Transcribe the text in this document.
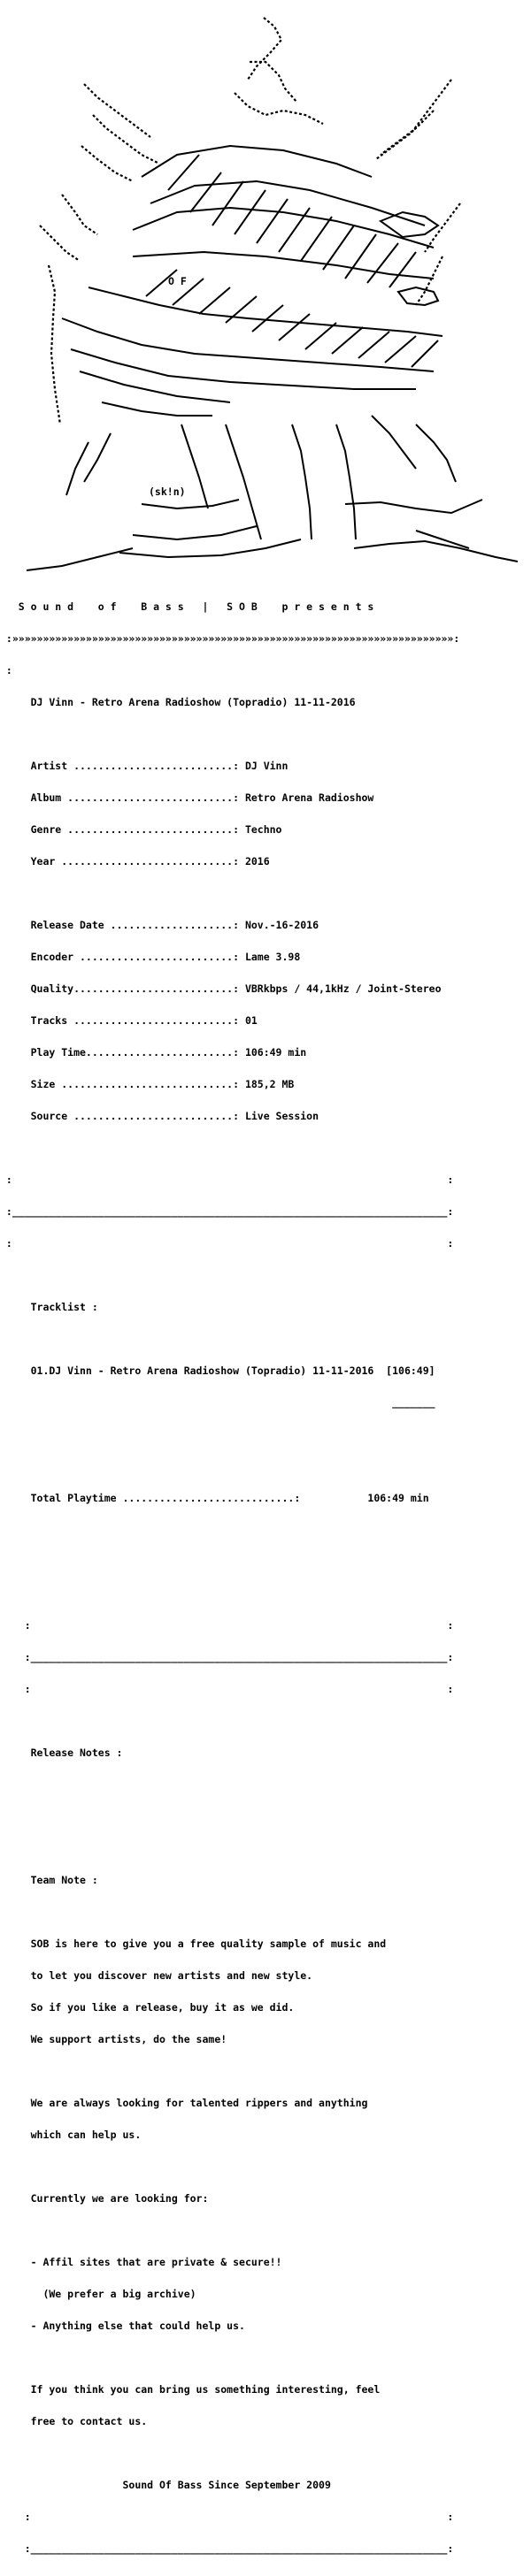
O F
(sk!n)

S o u n d    o f    B a s s   |   S O B    p r e s e n t s

:»»»»»»»»»»»»»»»»»»»»»»»»»»»»»»»»»»»»»»»»»»»»»»»»»»»»»»»»»»»»»»»»»»»»»»»»:

:

DJ Vinn - Retro Arena Radioshow (Topradio) 11-11-2016

Artist ..........................: DJ Vinn

Album ...........................: Retro Arena Radioshow

Genre ...........................: Techno

Year ............................: 2016

Release Date ....................: Nov.-16-2016

Encoder .........................: Lame 3.98

Quality..........................: VBRkbps / 44,1kHz / Joint-Stereo

Tracks ..........................: 01

Play Time........................: 106:49 min

Size ............................: 185,2 MB

Source ..........................: Live Session

:                                                                       :

:_______________________________________________________________________:

:                                                                       :

Tracklist :

01.DJ Vinn - Retro Arena Radioshow (Topradio) 11-11-2016  [106:49]

_______

Total Playtime ............................:           106:49 min

:                                                                    :

:____________________________________________________________________:

:                                                                    :

Release Notes :

Team Note :

SOB is here to give you a free quality sample of music and

to let you discover new artists and new style.

So if you like a release, buy it as we did.

We support artists, do the same!

We are always looking for talented rippers and anything

which can help us.

Currently we are looking for:

- Affil sites that are private & secure!!

(We prefer a big archive)

- Anything else that could help us.

If you think you can bring us something interesting, feel

free to contact us.

Sound Of Bass Since September 2009

:                                                                    :

:____________________________________________________________________:
